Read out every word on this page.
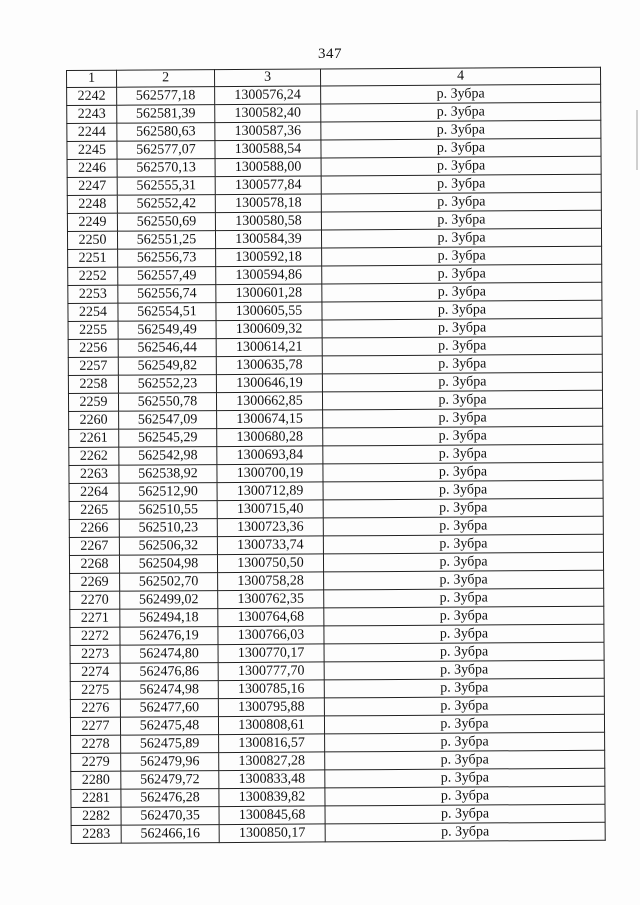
347
1	2	3	4
2242	562577,18	1300576,24	р. Зубра
2243	562581,39	1300582,40	р. Зубра
2244	562580,63	1300587,36	р. Зубра
2245	562577,07	1300588,54	р. Зубра
2246	562570,13	1300588,00	р. Зубра
2247	562555,31	1300577,84	р. Зубра
2248	562552,42	1300578,18	р. Зубра
2249	562550,69	1300580,58	р. Зубра
2250	562551,25	1300584,39	р. Зубра
2251	562556,73	1300592,18	р. Зубра
2252	562557,49	1300594,86	р. Зубра
2253	562556,74	1300601,28	р. Зубра
2254	562554,51	1300605,55	р. Зубра
2255	562549,49	1300609,32	р. Зубра
2256	562546,44	1300614,21	р. Зубра
2257	562549,82	1300635,78	р. Зубра
2258	562552,23	1300646,19	р. Зубра
2259	562550,78	1300662,85	р. Зубра
2260	562547,09	1300674,15	р. Зубра
2261	562545,29	1300680,28	р. Зубра
2262	562542,98	1300693,84	р. Зубра
2263	562538,92	1300700,19	р. Зубра
2264	562512,90	1300712,89	р. Зубра
2265	562510,55	1300715,40	р. Зубра
2266	562510,23	1300723,36	р. Зубра
2267	562506,32	1300733,74	р. Зубра
2268	562504,98	1300750,50	р. Зубра
2269	562502,70	1300758,28	р. Зубра
2270	562499,02	1300762,35	р. Зубра
2271	562494,18	1300764,68	р. Зубра
2272	562476,19	1300766,03	р. Зубра
2273	562474,80	1300770,17	р. Зубра
2274	562476,86	1300777,70	р. Зубра
2275	562474,98	1300785,16	р. Зубра
2276	562477,60	1300795,88	р. Зубра
2277	562475,48	1300808,61	р. Зубра
2278	562475,89	1300816,57	р. Зубра
2279	562479,96	1300827,28	р. Зубра
2280	562479,72	1300833,48	р. Зубра
2281	562476,28	1300839,82	р. Зубра
2282	562470,35	1300845,68	р. Зубра
2283	562466,16	1300850,17	р. Зубра
